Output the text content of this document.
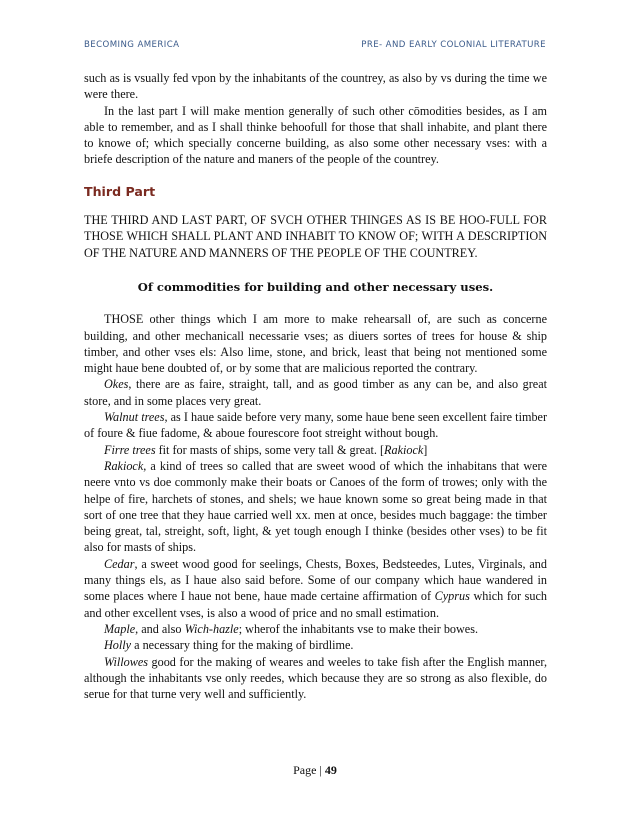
BECOMING AMERICA	PRE- AND EARLY COLONIAL LITERATURE

such as is vsually fed vpon by the inhabitants of the countrey, as also by vs during the time we were there.

In the last part I will make mention generally of such other cōmodities besides, as I am able to remember, and as I shall thinke behoofull for those that shall inhabite, and plant there to knowe of; which specially concerne building, as also some other necessary vses: with a briefe description of the nature and maners of the people of the countrey.

Third Part

THE THIRD AND LAST PART, OF SVCH OTHER THINGES AS IS BE HOO-FULL FOR THOSE WHICH SHALL PLANT AND INHABIT TO KNOW OF; WITH A DESCRIPTION OF THE NATURE AND MANNERS OF THE PEOPLE OF THE COUNTREY.

Of commodities for building and other necessary uses.

THOSE other things which I am more to make rehearsall of, are such as concerne building, and other mechanicall necessarie vses; as diuers sortes of trees for house & ship timber, and other vses els: Also lime, stone, and brick, least that being not mentioned some might haue bene doubted of, or by some that are malicious reported the contrary.

Okes, there are as faire, straight, tall, and as good timber as any can be, and also great store, and in some places very great.

Walnut trees, as I haue saide before very many, some haue bene seen excellent faire timber of foure & fiue fadome, & aboue fourescore foot streight without bough.

Firre trees fit for masts of ships, some very tall & great. [Rakiock]

Rakiock, a kind of trees so called that are sweet wood of which the inhabitans that were neere vnto vs doe commonly make their boats or Canoes of the form of trowes; only with the helpe of fire, harchets of stones, and shels; we haue known some so great being made in that sort of one tree that they haue carried well xx. men at once, besides much baggage: the timber being great, tal, streight, soft, light, & yet tough enough I thinke (besides other vses) to be fit also for masts of ships.

Cedar, a sweet wood good for seelings, Chests, Boxes, Bedsteedes, Lutes, Virginals, and many things els, as I haue also said before. Some of our company which haue wandered in some places where I haue not bene, haue made certaine affirmation of Cyprus which for such and other excellent vses, is also a wood of price and no small estimation.

Maple, and also Wich-hazle; wherof the inhabitants vse to make their bowes.

Holly a necessary thing for the making of birdlime.

Willowes good for the making of weares and weeles to take fish after the English manner, although the inhabitants vse only reedes, which because they are so strong as also flexible, do serue for that turne very well and sufficiently.

Page | 49
